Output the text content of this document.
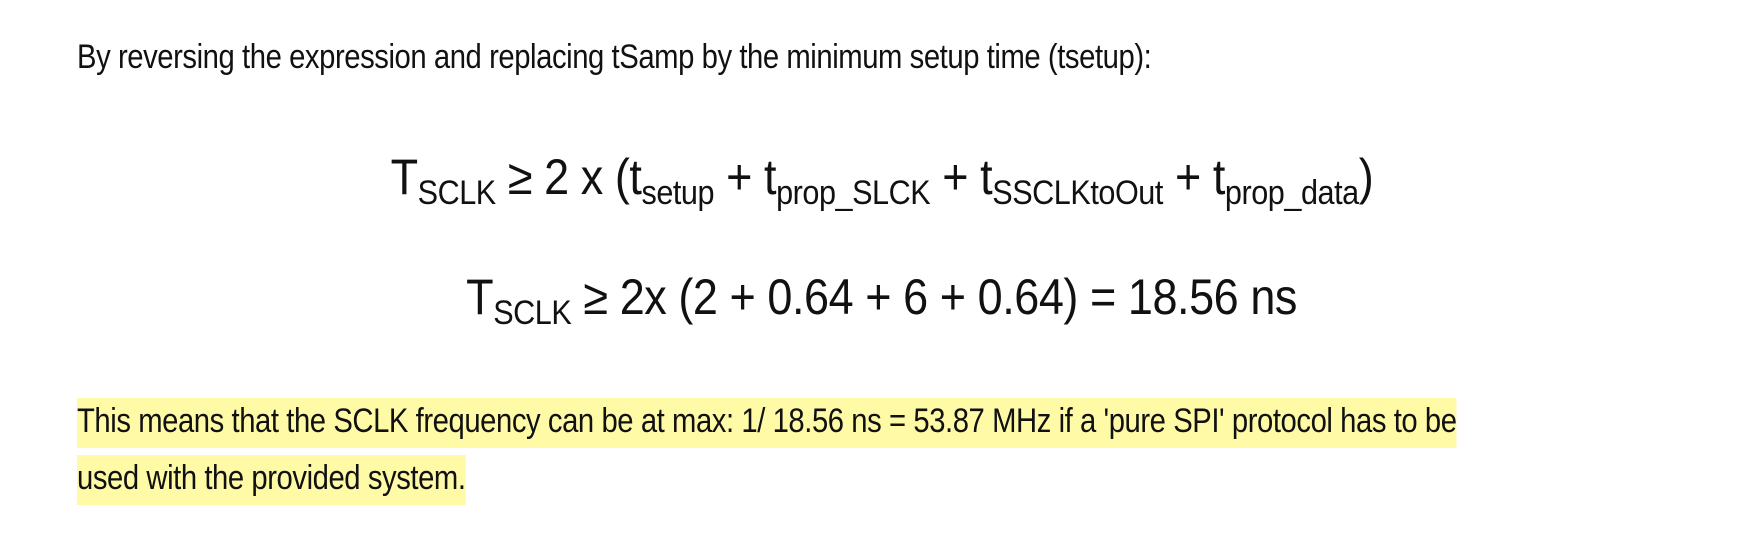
By reversing the expression and replacing tSamp by the minimum setup time (tsetup):
$T_{SCLK} \ge 2$ x $(t_{setup} + t_{prop\_SLCK} + t_{SSCLKtoOut} + t_{prop\_data})$
$T_{SCLK} \ge 2x$ (2 + 0.64 + 6 + 0.64) = 18.56 ns
This means that the SCLK frequency can be at max: 1/ 18.56 ns = 53.87 MHz if a 'pure SPI' protocol has to be
used with the provided system.
